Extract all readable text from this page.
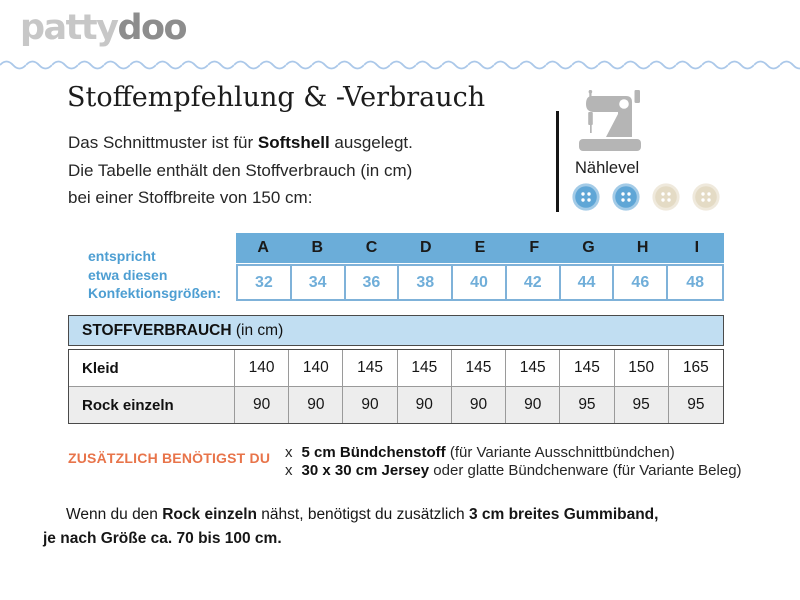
pattydoo
Stoffempfehlung & -Verbrauch
Das Schnittmuster ist für Softshell ausgelegt.
Die Tabelle enthält den Stoffverbrauch (in cm)
bei einer Stoffbreite von 150 cm:
Nählevel
entspricht
etwa diesen
Konfektionsgrößen:
A	B	C	D	E	F	G	H	I
32	34	36	38	40	42	44	46	48
STOFFVERBRAUCH (in cm)
Kleid	140	140	145	145	145	145	145	150	165
Rock einzeln	90	90	90	90	90	90	95	95	95
ZUSÄTZLICH BENÖTIGST DU x 5 cm Bündchenstoff (für Variante Ausschnittbündchen)
x 30 x 30 cm Jersey oder glatte Bündchenware (für Variante Beleg)
Wenn du den Rock einzeln nähst, benötigst du zusätzlich 3 cm breites Gummiband,
je nach Größe ca. 70 bis 100 cm.
